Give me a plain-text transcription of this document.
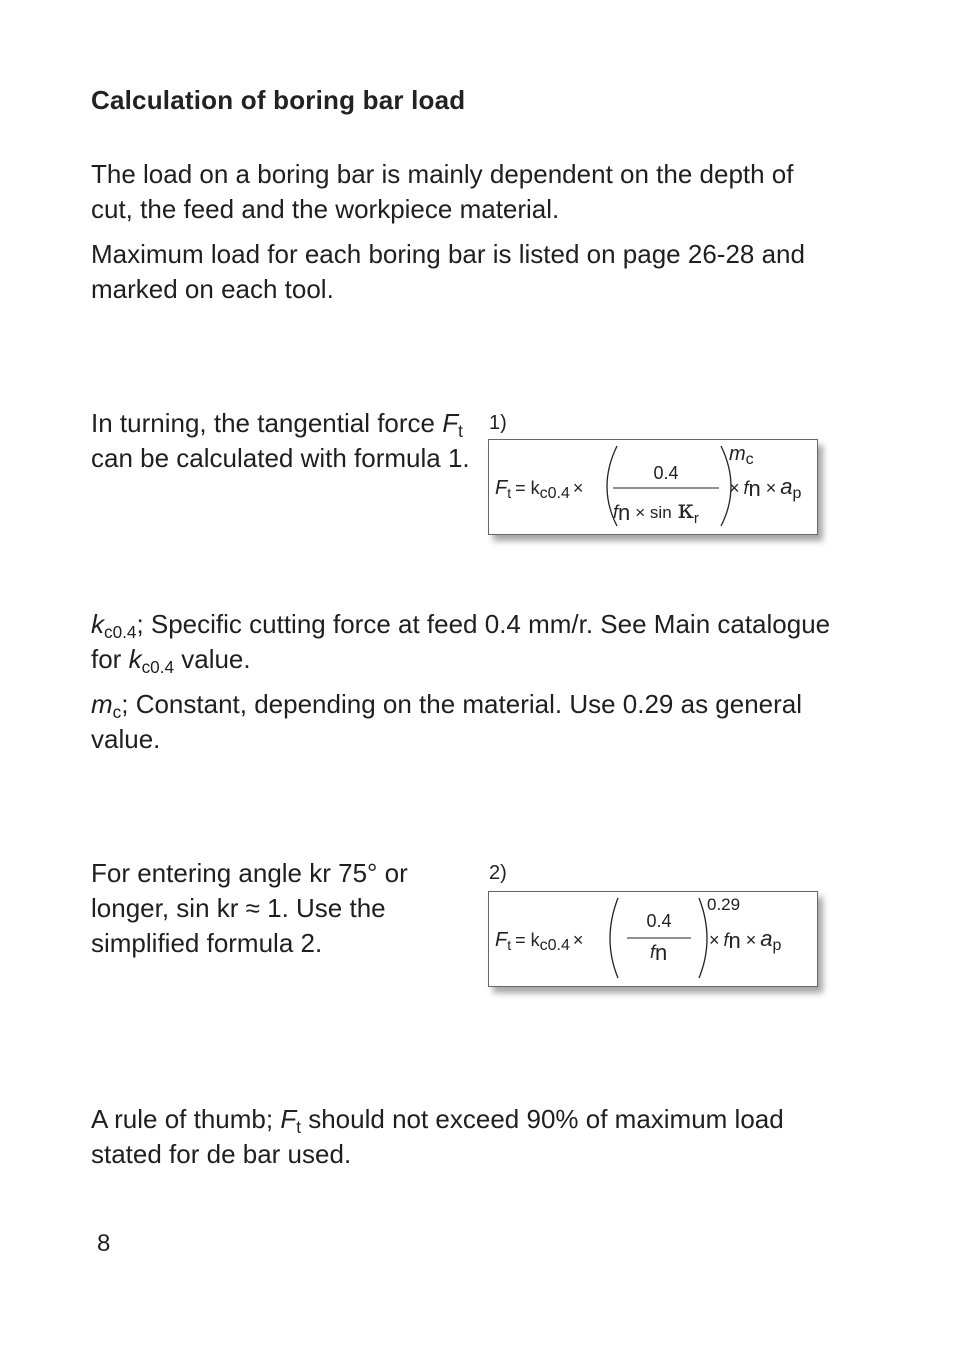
Calculation of boring bar load
The load on a boring bar is mainly dependent on the depth of cut, the feed and the workpiece material.
Maximum load for each boring bar is listed on page 26-28 and marked on each tool.
In turning, the tangential force $F_t$ can be calculated with formula 1.
1)
$F_t = k_{c0.4}$ ×
0.4
fn × $\sin \kappa_r$
$m_c$
× fn × ap
$k_{c0.4}$; Specific cutting force at feed 0.4 mm/r. See Main catalogue for $k_{c0.4}$ value.
$m_c$; Constant, depending on the material. Use 0.29 as general value.
For entering angle kr 75° or longer, sin kr ≈ 1. Use the simplified formula 2.
2)
$F_t = k_{c0.4}$ ×
0.4
fn
0.29
× fn × ap
A rule of thumb; $F_t$ should not exceed 90% of maximum load stated for de bar used.
8
